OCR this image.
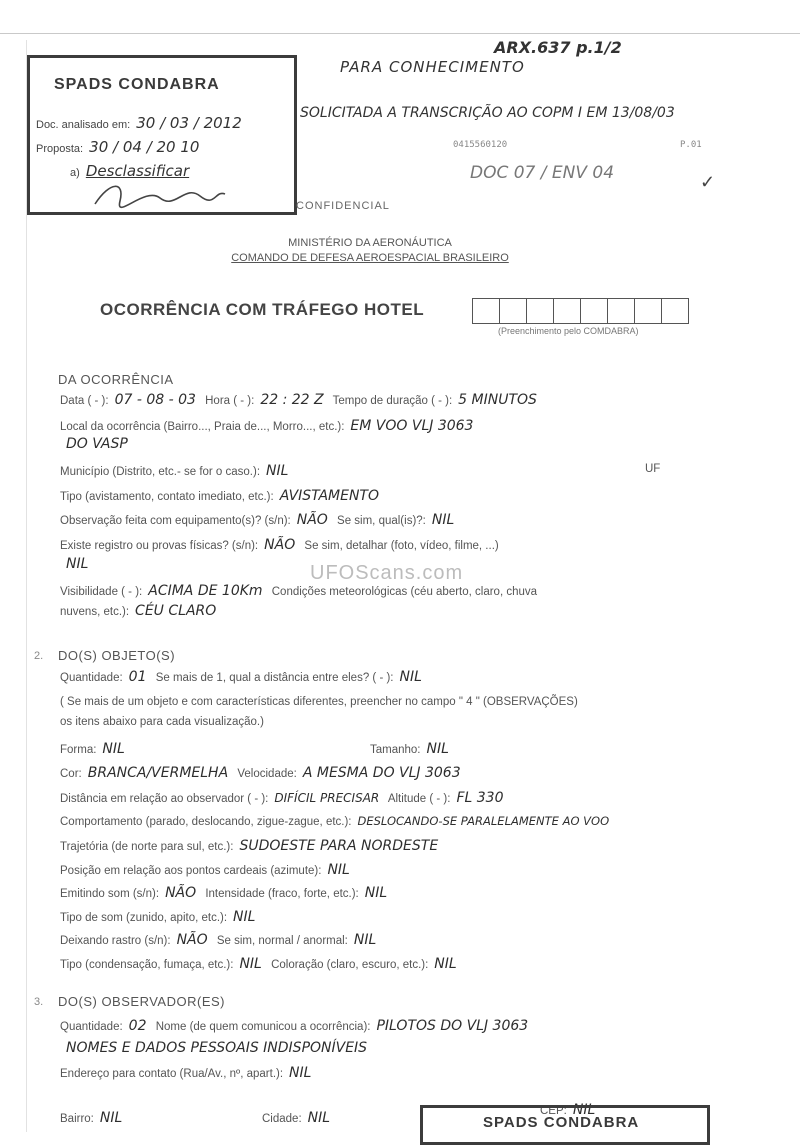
ARX.637 p.1/2
PARA CONHECIMENTO
SOLICITADA A TRANSCRIÇÃO AO COPM I EM 13/08/03
0415560120	P.01
DOC 07 / ENV 04	✓
SPADS CONDABRA
Doc. analisado em: 30 / 03 / 2012
Proposta: 30 / 04 / 20 10
a) Desclassificar
CONFIDENCIAL
MINISTÉRIO DA AERONÁUTICA
COMANDO DE DEFESA AEROESPACIAL BRASILEIRO
OCORRÊNCIA COM TRÁFEGO HOTEL
(Preenchimento pelo COMDABRA)
DA OCORRÊNCIA
Data ( - ): 07 - 08 - 03 Hora ( - ): 22 : 22 Z Tempo de duração ( - ): 5 MINUTOS
Local da ocorrência (Bairro..., Praia de..., Morro..., etc.): EM VOO VLJ 3063
DO VASP
Município (Distrito, etc.- se for o caso.): NIL	UF
Tipo (avistamento, contato imediato, etc.): AVISTAMENTO
Observação feita com equipamento(s)? (s/n): NÃO Se sim, qual(is)?: NIL
Existe registro ou provas físicas? (s/n): NÃO Se sim, detalhar (foto, vídeo, filme, ...)
NIL	UFOScans.com
Visibilidade ( - ): ACIMA DE 10Km Condições meteorológicas (céu aberto, claro, chuva
nuvens, etc.): CÉU CLARO
2. DO(S) OBJETO(S)
Quantidade: 01 Se mais de 1, qual a distância entre eles? ( - ): NIL
( Se mais de um objeto e com características diferentes, preencher no campo " 4 " (OBSERVAÇÕES)
os itens abaixo para cada visualização.)
Forma: NIL	Tamanho: NIL
Cor: BRANCA/VERMELHA Velocidade: A MESMA DO VLJ 3063
Distância em relação ao observador ( - ): DIFÍCIL PRECISAR Altitude ( - ): FL 330
Comportamento (parado, deslocando, zigue-zague, etc.): DESLOCANDO-SE PARALELAMENTE AO VOO
Trajetória (de norte para sul, etc.): SUDOESTE PARA NORDESTE
Posição em relação aos pontos cardeais (azimute): NIL
Emitindo som (s/n): NÃO Intensidade (fraco, forte, etc.): NIL
Tipo de som (zunido, apito, etc.): NIL
Deixando rastro (s/n): NÃO Se sim, normal / anormal: NIL
Tipo (condensação, fumaça, etc.): NIL Coloração (claro, escuro, etc.): NIL
3. DO(S) OBSERVADOR(ES)
Quantidade: 02 Nome (de quem comunicou a ocorrência): PILOTOS DO VLJ 3063
NOMES E DADOS PESSOAIS INDISPONÍVEIS
Endereço para contato (Rua/Av., nº, apart.): NIL
Bairro: NIL	Cidade: NIL	CEP: NIL
SPADS CONDABRA
